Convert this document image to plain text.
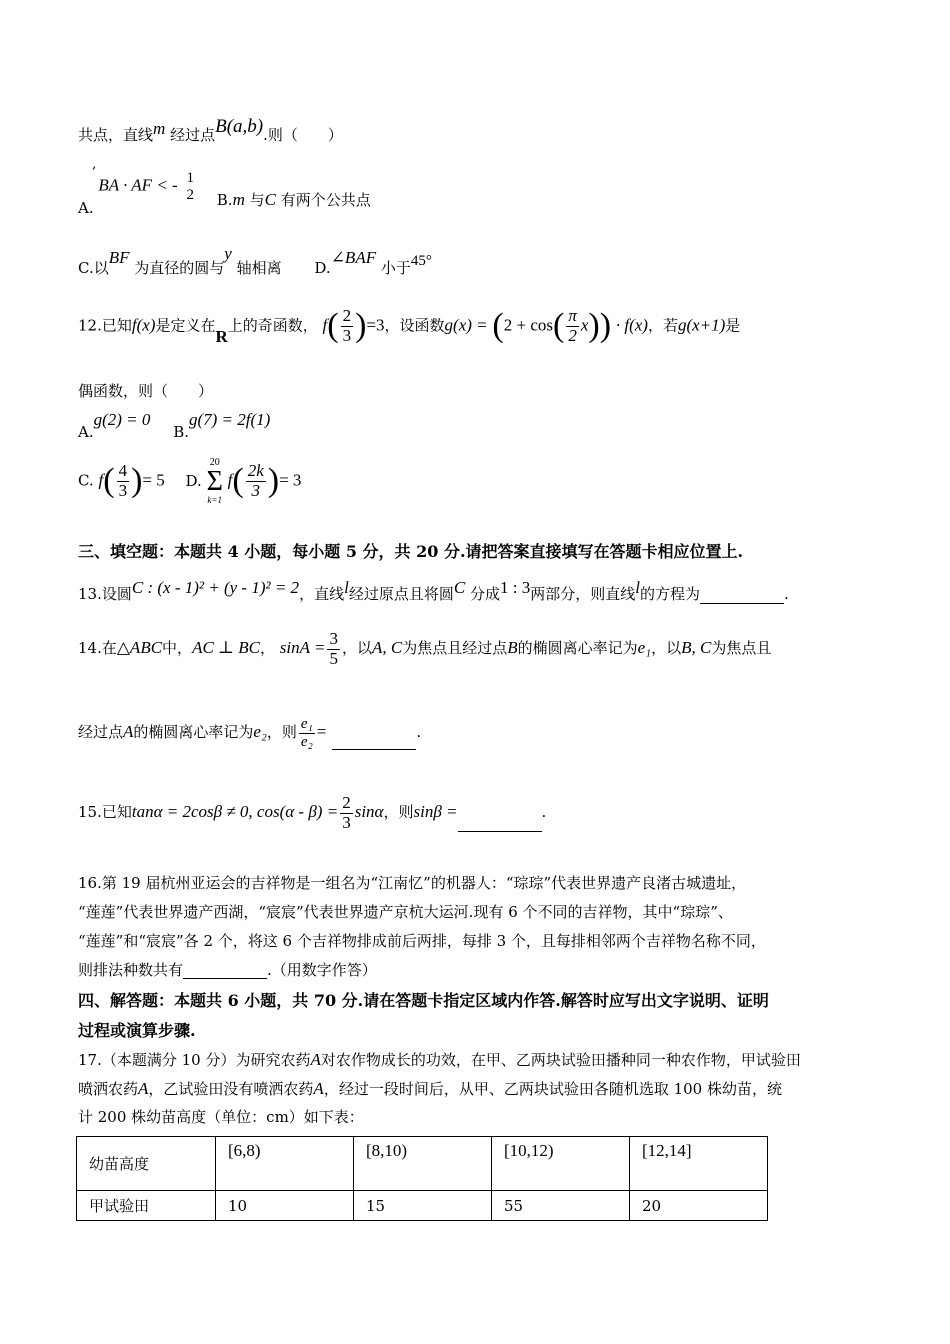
共点，直线m 经过点B(a,b).则（　　）
,
A. BA · AF < - 1
2 B.m 与C 有两个公共点
C.以BF 为直径的圆与y 轴相离 D.∠BAF 小于45°
12.已知f(x)是定义在R上的奇函数， $f( \frac{2}{3} )=3$，设函数$g(x) = (2 + \cos( \frac{\pi}{2} x)) \cdot f(x)$，若g(x+1)是
偶函数，则（　　）
A.g(2) = 0 B.g(7) = 2f(1)
C. $f( \frac{4}{3}$ )= 5 D.
20
Σ
k=1
$f( \frac{2k}{3}$ )= 3
三、填空题：本题共 4 小题，每小题 5 分，共 20 分.请把答案直接填写在答题卡相应位置上.
13.设圆C : (x - 1)² + (y - 1)² = 2，直线l经过原点且将圆C 分成1 : 3两部分，则直线l的方程为	.
14.在△ABC中，AC ⊥ BC， $\sin A = \frac{3}{5}$ ，以A, C为焦点且经过点B的椭圆离心率记为e₁，以B, C为焦点且
经过点A的椭圆离心率记为e₂，则 $\frac{\text{e₁}}{\text{e₂}}$ =	.
15.已知tanα = 2cosβ ≠ 0, $\cos(\alpha - \beta) = \frac{2}{3}$ sinα，则sinβ =	.
16.第 19 届杭州亚运会的吉祥物是一组名为“江南忆”的机器人：“琮琮”代表世界遗产良渚古城遗址，
“莲莲”代表世界遗产西湖，“宸宸”代表世界遗产京杭大运河.现有 6 个不同的吉祥物，其中“琮琮”、
“莲莲”和“宸宸”各 2 个，将这 6 个吉祥物排成前后两排，每排 3 个，且每排相邻两个吉祥物名称不同，
则排法种数共有	.（用数字作答）
四、解答题：本题共 6 小题，共 70 分.请在答题卡指定区域内作答.解答时应写出文字说明、证明
过程或演算步骤.
17.（本题满分 10 分）为研究农药A对农作物成长的功效，在甲、乙两块试验田播种同一种农作物，甲试验田
喷洒农药A，乙试验田没有喷洒农药A，经过一段时间后，从甲、乙两块试验田各随机选取 100 株幼苗，统
计 200 株幼苗高度（单位：cm）如下表：
幼苗高度	[6,8)	[8,10)	[10,12)	[12,14]
甲试验田	10	15	55	20
